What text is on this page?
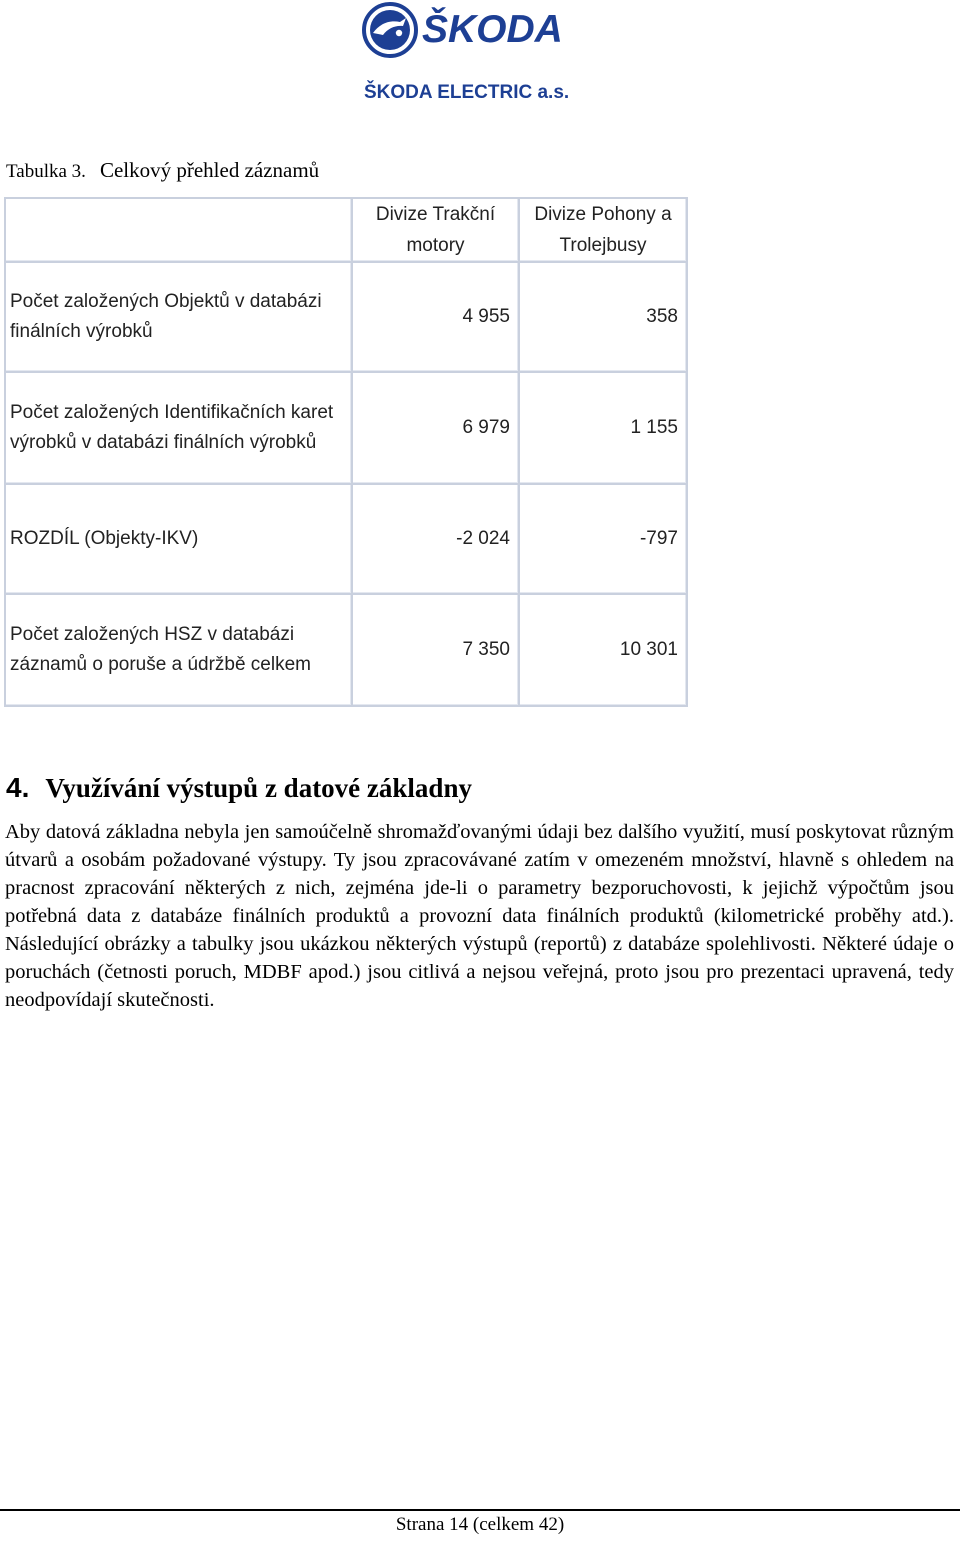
ŠKODA
ŠKODA ELECTRIC a.s.
Tabulka 3. Celkový přehled záznamů
	Divize Trakční motory	Divize Pohony a Trolejbusy
Počet založených Objektů v databázi finálních výrobků	4 955	358
Počet založených Identifikačních karet výrobků v databázi finálních výrobků	6 979	1 155
ROZDÍL (Objekty-IKV)	-2 024	-797
Počet založených HSZ v databázi záznamů o poruše a údržbě celkem	7 350	10 301
4. Využívání výstupů z datové základny
Aby datová základna nebyla jen samoúčelně shromažďovanými údaji bez dalšího využití, musí poskytovat různým útvarů a osobám požadované výstupy. Ty jsou zpracovávané zatím v omezeném množství, hlavně s ohledem na pracnost zpracování některých z nich, zejména jde-li o parametry bezporuchovosti, k jejichž výpočtům jsou potřebná data z databáze finálních produktů a provozní data finálních produktů (kilometrické proběhy atd.). Následující obrázky a tabulky jsou ukázkou některých výstupů (reportů) z databáze spolehlivosti. Některé údaje o poruchách (četnosti poruch, MDBF apod.) jsou citlivá a nejsou veřejná, proto jsou pro prezentaci upravená, tedy neodpovídají skutečnosti.
Strana 14 (celkem 42)
